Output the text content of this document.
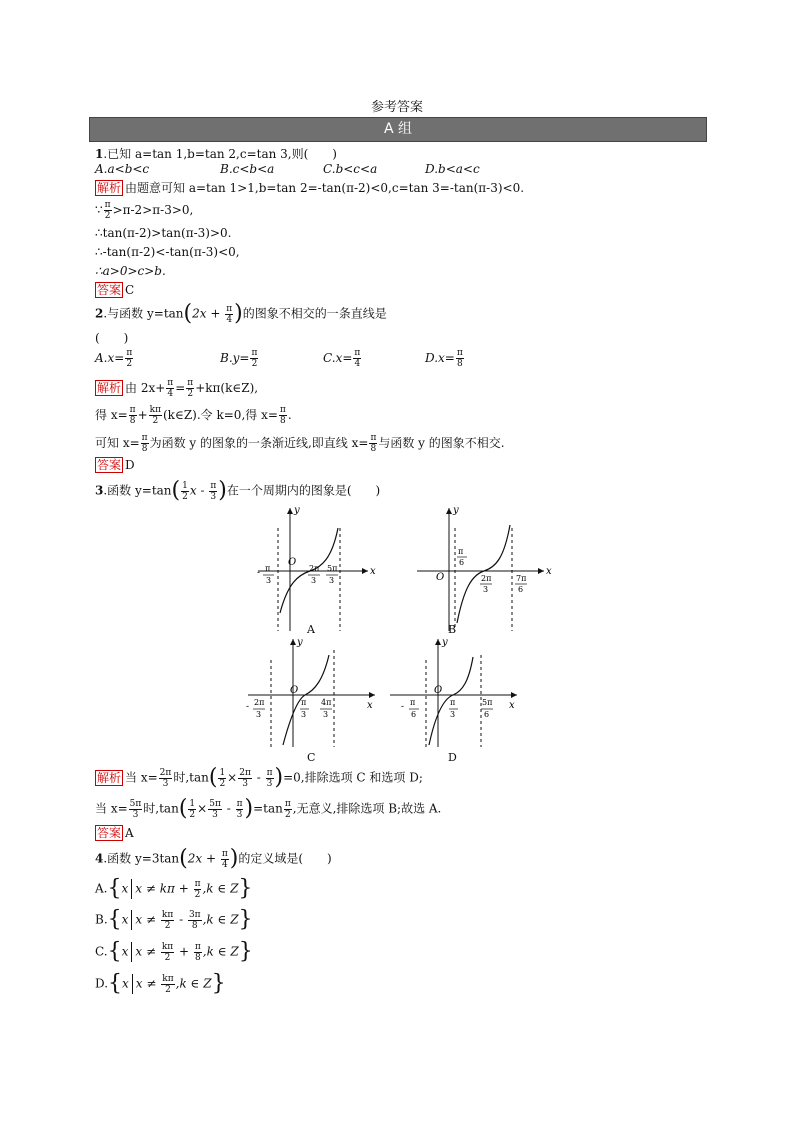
参考答案
A 组
1.已知 a=tan 1,b=tan 2,c=tan 3,则(　　)
A.a<b<c	B.c<b<a	C.b<c<a	D.b<a<c
解析 由题意可知 a=tan 1>1,b=tan 2=-tan(π-2)<0,c=tan 3=-tan(π-3)<0.
∵ $\frac{\pi}{2} >\pi-2>\pi-3>0$,
∴tan(π-2)>tan(π-3)>0.
∴-tan(π-2)<-tan(π-3)<0,
∴a>0>c>b.
答案 C
2.与函数 $y=\tan(2x + \frac{\pi}{4}$ )的图象不相交的一条直线是
(　　)
$A.x= \frac{\pi}{2}$	$B.y= \frac{\pi}{2}$	$C.x= \frac{\pi}{4}$	$D.x= \frac{\pi}{8}$
解析 由 $2x+ \frac{\pi}{4} = \frac{\pi}{2}$ +kπ(k∈Z),
得 $x= \frac{\pi}{8} + \frac{k\pi}{2}$ (k∈Z).令 k=0,得 $x= \frac{\pi}{8}$ .
可知 $x= \frac{\pi}{8}$ 为函数 y 的图象的一条渐近线,即直线 $x= \frac{\pi}{8}$ 与函数 y 的图象不相交.
答案 D
3.函数 $y=\tan( \frac{1}{2}$ x - $\frac{\pi}{3}$ )在一个周期内的图象是(　　)
y
x
O
- π
3
2π
3
5π
3
A
y
x
O
π
6
2π
3
7π
6
B
y
x
O
- 2π
3
π
3
4π
3
C
y
x
O
- π
6
π
3
5π
6
D
解析 当 $x= \frac{2\pi}{3}$ 时$,\tan( \frac{1}{2} \times \frac{2\pi}{3} - \frac{\pi}{3} )=0$,排除选项 C 和选项 D;
当 $x= \frac{5\pi}{3}$ 时$,\tan( \frac{1}{2} \times \frac{5\pi}{3} - \frac{\pi}{3} )=\tan \frac{\pi}{2}$ ,无意义,排除选项 B;故选 A.
答案 A
4.函数 $y=3\tan(2x + \frac{\pi}{4}$ )的定义域是(　　)
A.{x $x \ne k\pi + \frac{\pi}{2} ,k$ ∈ Z}
B.{x $x \ne \frac{k\pi}{2} - \frac{3\pi}{8} ,k$ ∈ Z}
C.{x $x \ne \frac{k\pi}{2} + \frac{\pi}{8} ,k$ ∈ Z}
D.{x $x \ne \frac{k\pi}{2} ,k$ ∈ Z}
